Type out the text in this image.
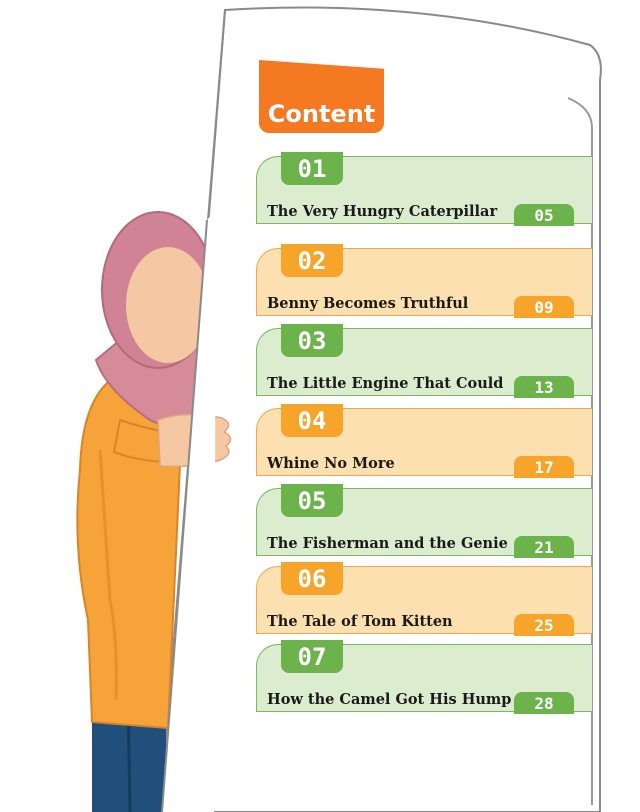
Content
01
The Very Hungry Caterpillar	05
02
Benny Becomes Truthful	09
03
The Little Engine That Could	13
04
Whine No More	17
05
The Fisherman and the Genie	21
06
The Tale of Tom Kitten	25
07
How the Camel Got His Hump	28
